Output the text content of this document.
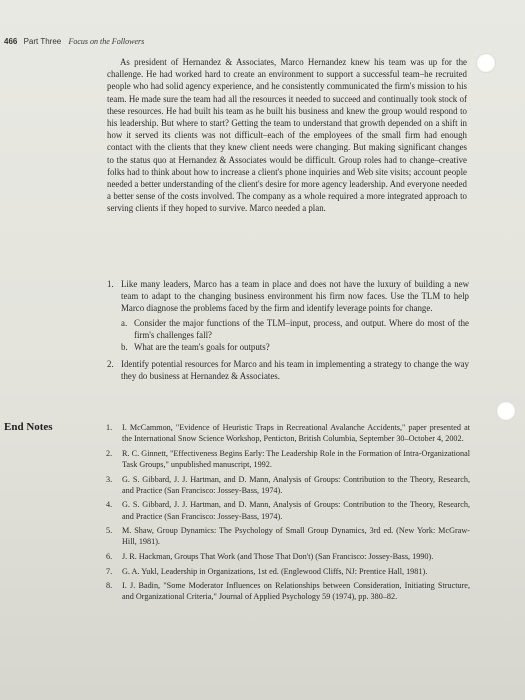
466 Part Three Focus on the Followers

As president of Hernandez & Associates, Marco Hernandez knew his team was up for the challenge. He had worked hard to create an environment to support a successful team–he recruited people who had solid agency experience, and he consistently communicated the firm's mission to his team. He made sure the team had all the resources it needed to succeed and continually took stock of these resources. He had built his team as he built his business and knew the group would respond to his leadership. But where to start? Getting the team to understand that growth depended on a shift in how it served its clients was not difficult–each of the employees of the small firm had enough contact with the clients that they knew client needs were changing. But making significant changes to the status quo at Hernandez & Associates would be difficult. Group roles had to change–creative folks had to think about how to increase a client's phone inquiries and Web site visits; account people needed a better understanding of the client's desire for more agency leadership. And everyone needed a better sense of the costs involved. The company as a whole required a more integrated approach to serving clients if they hoped to survive. Marco needed a plan.

1. Like many leaders, Marco has a team in place and does not have the luxury of building a new team to adapt to the changing business environment his firm now faces. Use the TLM to help Marco diagnose the problems faced by the firm and identify leverage points for change.
a. Consider the major functions of the TLM–input, process, and output. Where do most of the firm's challenges fall?
b. What are the team's goals for outputs?
2. Identify potential resources for Marco and his team in implementing a strategy to change the way they do business at Hernandez & Associates.
End Notes	1. I. McCammon, "Evidence of Heuristic Traps in Recreational Avalanche Accidents," paper presented at the International Snow Science Workshop, Penticton, British Columbia, September 30–October 4, 2002.
2. R. C. Ginnett, "Effectiveness Begins Early: The Leadership Role in the Formation of Intra-Organizational Task Groups," unpublished manuscript, 1992.
3. G. S. Gibbard, J. J. Hartman, and D. Mann, Analysis of Groups: Contribution to the Theory, Research, and Practice (San Francisco: Jossey-Bass, 1974).
4. G. S. Gibbard, J. J. Hartman, and D. Mann, Analysis of Groups: Contribution to the Theory, Research, and Practice (San Francisco: Jossey-Bass, 1974).
5. M. Shaw, Group Dynamics: The Psychology of Small Group Dynamics, 3rd ed. (New York: McGraw-Hill, 1981).
6. J. R. Hackman, Groups That Work (and Those That Don't) (San Francisco: Jossey-Bass, 1990).
7. G. A. Yukl, Leadership in Organizations, 1st ed. (Englewood Cliffs, NJ: Prentice Hall, 1981).
8. I. J. Badin, "Some Moderator Influences on Relationships between Consideration, Initiating Structure, and Organizational Criteria," Journal of Applied Psychology 59 (1974), pp. 380–82.
